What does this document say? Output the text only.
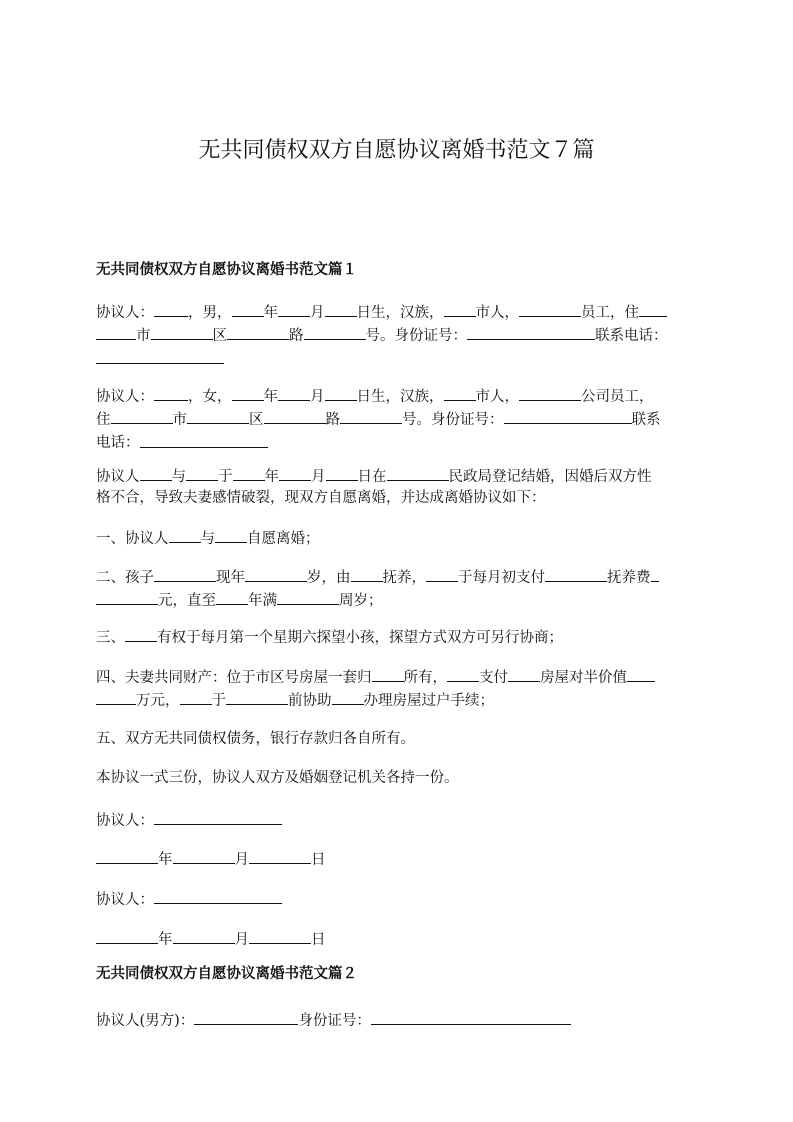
无共同债权双方自愿协议离婚书范文７篇
无共同债权双方自愿协议离婚书范文篇１
协议人： ，男， 年 月 日生，汉族， 市人，	员工，住
市	区	路	号。身份证号：	联系电话：

协议人： ，女， 年 月 日生，汉族， 市人，	公司员工，
住	市	区	路	号。身份证号：	联系
电话：
协议人 与 于 年 月 日在	民政局登记结婚，因婚后双方性
格不合，导致夫妻感情破裂，现双方自愿离婚，并达成离婚协议如下：
一、协议人 与 自愿离婚；
二、孩子	现年	岁，由 抚养， 于每月初支付	抚养费
元，直至 年满	周岁；
三、 有权于每月第一个星期六探望小孩，探望方式双方可另行协商；
四、夫妻共同财产：位于市区号房屋一套归 所有， 支付 房屋对半价值
万元， 于	前协助 办理房屋过户手续；
五、双方无共同债权债务，银行存款归各自所有。
本协议一式三份，协议人双方及婚姻登记机关各持一份。
协议人：
年	月	日
协议人：
年	月	日
无共同债权双方自愿协议离婚书范文篇２
协议人(男方)：	身份证号：
